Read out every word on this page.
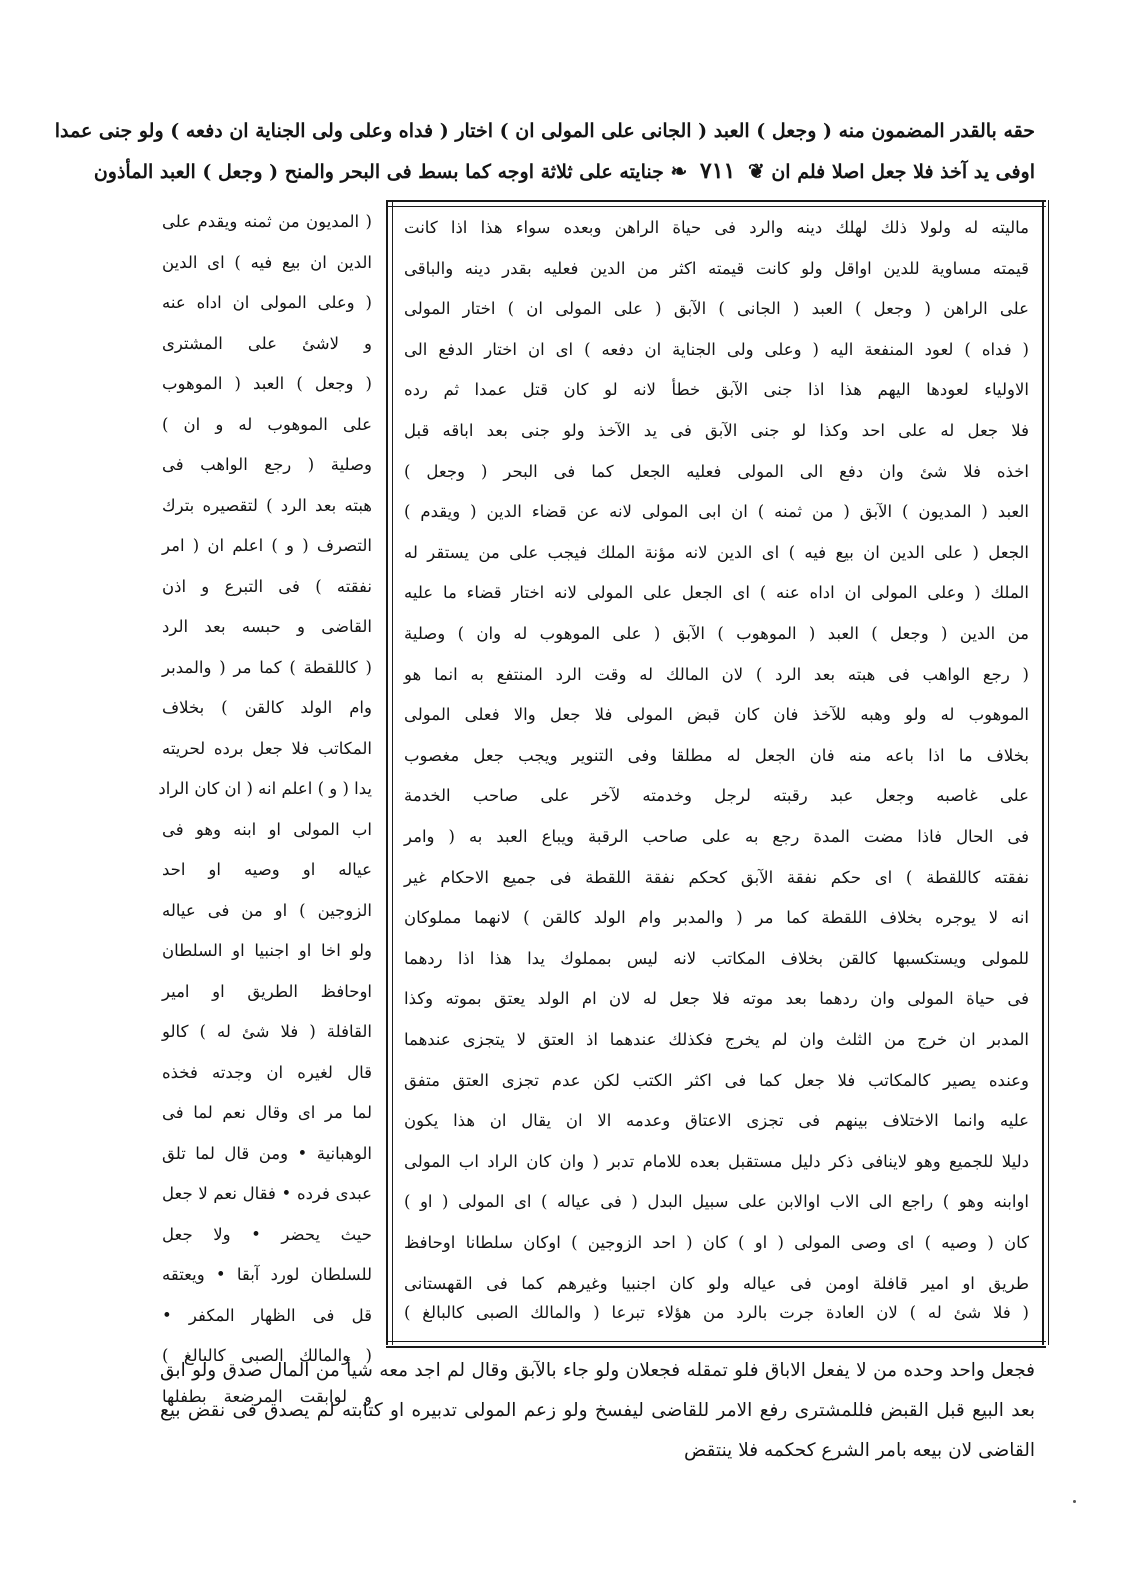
حقه بالقدر المضمون منه ( وجعل ) العبد ( الجانى على المولى ان ) اختار ( فداه وعلى ولى الجناية ان دفعه ) ولو جنى عمدا
اوفى يد آخذ فلا جعل اصلا فلم ان ❦ ٧١١ ❧ جنايته على ثلاثة اوجه كما بسط فى البحر والمنح ( وجعل ) العبد المأذون
ماليته له ولولا ذلك لهلك دينه والرد فى حياة الراهن وبعده سواء هذا اذا كانت
قيمته مساوية للدين اواقل ولو كانت قيمته اكثر من الدين فعليه بقدر دينه والباقى
على الراهن ( وجعل ) العبد ( الجانى ) الآبق ( على المولى ان ) اختار المولى
( فداه ) لعود المنفعة اليه ( وعلى ولى الجناية ان دفعه ) اى ان اختار الدفع الى
الاولياء لعودها اليهم هذا اذا جنى الآبق خطأ لانه لو كان قتل عمدا ثم رده
فلا جعل له على احد وكذا لو جنى الآبق فى يد الآخذ ولو جنى بعد اباقه قبل
اخذه فلا شئ وان دفع الى المولى فعليه الجعل كما فى البحر ( وجعل )
العبد ( المديون ) الآبق ( من ثمنه ) ان ابى المولى لانه عن قضاء الدين ( ويقدم )
الجعل ( على الدين ان بيع فيه ) اى الدين لانه مؤنة الملك فيجب على من يستقر له
الملك ( وعلى المولى ان اداه عنه ) اى الجعل على المولى لانه اختار قضاء ما عليه
من الدين ( وجعل ) العبد ( الموهوب ) الآبق ( على الموهوب له وان ) وصلية
( رجع الواهب فى هبته بعد الرد ) لان المالك له وقت الرد المنتفع به انما هو
الموهوب له ولو وهبه للآخذ فان كان قبض المولى فلا جعل والا فعلى المولى
بخلاف ما اذا باعه منه فان الجعل له مطلقا وفى التنوير ويجب جعل مغصوب
على غاصبه وجعل عبد رقبته لرجل وخدمته لآخر على صاحب الخدمة
فى الحال فاذا مضت المدة رجع به على صاحب الرقبة ويباع العبد به ( وامر
نفقته كاللقطة ) اى حكم نفقة الآبق كحكم نفقة اللقطة فى جميع الاحكام غير
انه لا يوجره بخلاف اللقطة كما مر ( والمدبر وام الولد كالقن ) لانهما مملوكان
للمولى ويستكسبها كالقن بخلاف المكاتب لانه ليس بمملوك يدا هذا اذا ردهما
فى حياة المولى وان ردهما بعد موته فلا جعل له لان ام الولد يعتق بموته وكذا
المدبر ان خرج من الثلث وان لم يخرج فكذلك عندهما اذ العتق لا يتجزى عندهما
وعنده يصير كالمكاتب فلا جعل كما فى اكثر الكتب لكن عدم تجزى العتق متفق
عليه وانما الاختلاف بينهم فى تجزى الاعتاق وعدمه الا ان يقال ان هذا يكون
دليلا للجميع وهو لاينافى ذكر دليل مستقبل بعده للامام تدبر ( وان كان الراد اب المولى
اوابنه وهو ) راجع الى الاب اوالابن على سبيل البدل ( فى عياله ) اى المولى ( او )
كان ( وصيه ) اى وصى المولى ( او ) كان ( احد الزوجين ) اوكان سلطانا اوحافظ
طريق او امير قافلة اومن فى عياله ولو كان اجنبيا وغيرهم كما فى القهستانى
( فلا شئ له ) لان العادة جرت بالرد من هؤلاء تبرعا ( والمالك الصبى كالبالغ )
( المديون من ثمنه ويقدم على
الدين ان بيع فيه ) اى الدين
( وعلى المولى ان اداه عنه
و لاشئ على المشترى
( وجعل ) العبد ( الموهوب
على الموهوب له و ان )
وصلية ( رجع الواهب فى
هبته بعد الرد ) لتقصيره بترك
التصرف ( و ) اعلم ان ( امر
نفقته ) فى التبرع و اذن
القاضى و حبسه بعد الرد
( كاللقطة ) كما مر ( والمدبر
وام الولد كالقن ) بخلاف
المكاتب فلا جعل برده لحريته
يدا ( و ) اعلم انه ( ان كان الراد
اب المولى او ابنه وهو فى
عياله او وصيه او احد
الزوجين ) او من فى عياله
ولو اخا او اجنبيا او السلطان
اوحافظ الطريق او امير
القافلة ( فلا شئ له ) كالو
قال لغيره ان وجدته فخذه
لما مر اى وقال نعم لما فى
الوهبانية • ومن قال لما تلق
عبدى فرده • فقال نعم لا جعل
حيث يحضر • ولا جعل
للسلطان لورد آبقا • ويعتقه
قل فى الظهار المكفر •
( والمالك الصبى كالبالغ )
و لوابقت المرضعة بطفلها
فجعل واحد وحده من لا يفعل الاباق فلو تمقله فجعلان ولو جاء بالآبق وقال لم اجد معه شيأ من المال صدق ولو ابق
بعد البيع قبل القبض فللمشترى رفع الامر للقاضى ليفسخ ولو زعم المولى تدبيره او كتابته لم يصدق فى نقض بيع
القاضى لان بيعه بامر الشرع كحكمه فلا ينتقض
